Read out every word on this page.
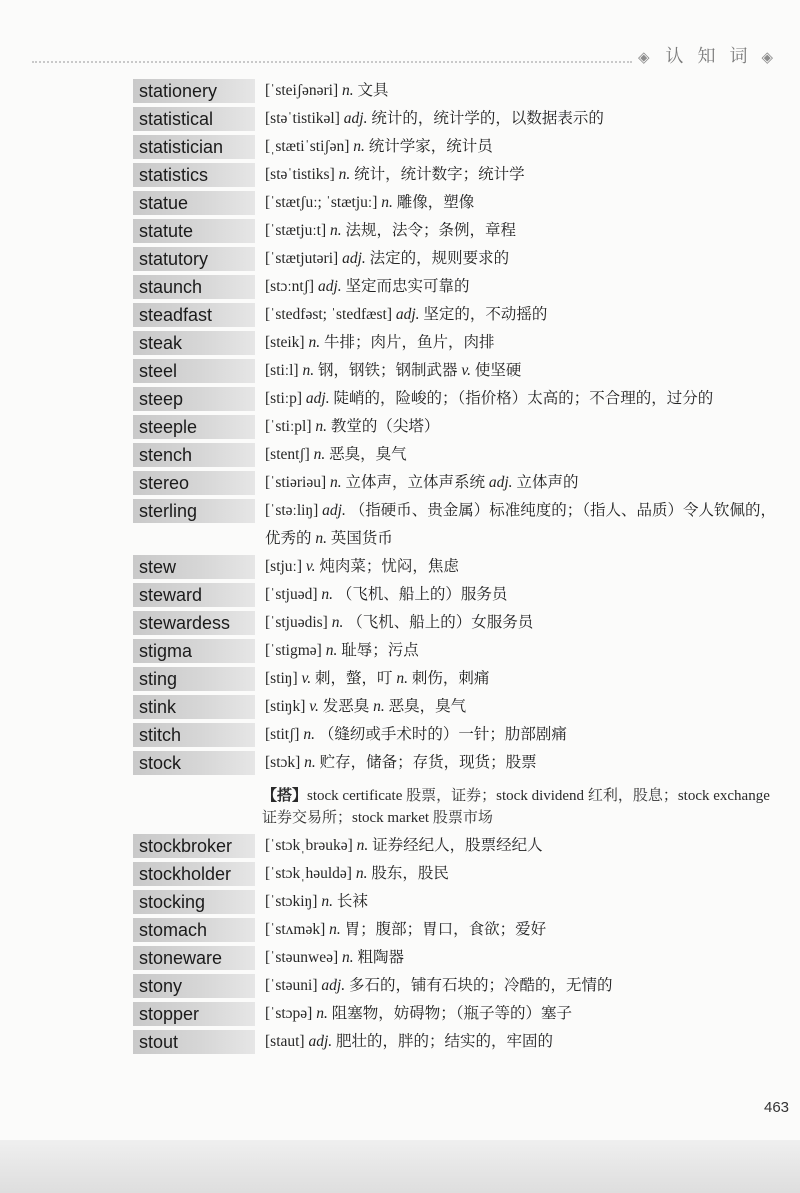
◈ 认知词 ◈
stationery	[ˈsteiʃənəri] n. 文具
statistical	[stəˈtistikəl] adj. 统计的，统计学的，以数据表示的
statistician	[ˌstætiˈstiʃən] n. 统计学家，统计员
statistics	[stəˈtistiks] n. 统计，统计数字；统计学
statue	[ˈstætʃuː; ˈstætjuː] n. 雕像，塑像
statute	[ˈstætjuːt] n. 法规，法令；条例，章程
statutory	[ˈstætjutəri] adj. 法定的，规则要求的
staunch	[stɔːntʃ] adj. 坚定而忠实可靠的
steadfast	[ˈstedfəst; ˈstedfæst] adj. 坚定的，不动摇的
steak	[steik] n. 牛排；肉片，鱼片，肉排
steel	[stiːl] n. 钢，钢铁；钢制武器 v. 使坚硬
steep	[stiːp] adj. 陡峭的，险峻的；（指价格）太高的；不合理的，过分的
steeple	[ˈstiːpl] n. 教堂的（尖塔）
stench	[stentʃ] n. 恶臭，臭气
stereo	[ˈstiəriəu] n. 立体声，立体声系统 adj. 立体声的
sterling	[ˈstəːliŋ] adj. （指硬币、贵金属）标准纯度的；（指人、品质）令人钦佩的，优秀的 n. 英国货币
stew	[stjuː] v. 炖肉菜；忧闷，焦虑
steward	[ˈstjuəd] n. （飞机、船上的）服务员
stewardess	[ˈstjuədis] n. （飞机、船上的）女服务员
stigma	[ˈstigmə] n. 耻辱；污点
sting	[stiŋ] v. 刺，螫，叮 n. 刺伤，刺痛
stink	[stiŋk] v. 发恶臭 n. 恶臭，臭气
stitch	[stitʃ] n. （缝纫或手术时的）一针；肋部剧痛
stock	[stɔk] n. 贮存，储备；存货，现货；股票
【搭】stock certificate 股票，证券；stock dividend 红利，股息；stock exchange 证券交易所；stock market 股票市场
stockbroker	[ˈstɔkˌbrəukə] n. 证券经纪人，股票经纪人
stockholder	[ˈstɔkˌhəuldə] n. 股东，股民
stocking	[ˈstɔkiŋ] n. 长袜
stomach	[ˈstʌmək] n. 胃；腹部；胃口，食欲；爱好
stoneware	[ˈstəunweə] n. 粗陶器
stony	[ˈstəuni] adj. 多石的，铺有石块的；冷酷的，无情的
stopper	[ˈstɔpə] n. 阻塞物，妨碍物；（瓶子等的）塞子
stout	[staut] adj. 肥壮的，胖的；结实的，牢固的
463
